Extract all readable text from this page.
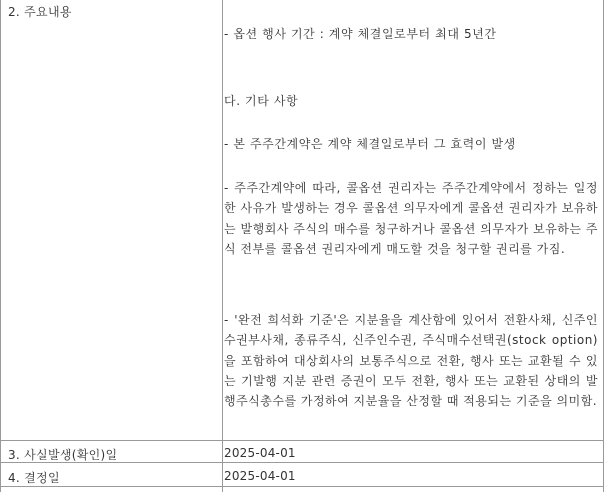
2. 주요내용
- 옵션 행사 기간 : 계약 체결일로부터 최대 5년간
다. 기타 사항
- 본 주주간계약은 계약 체결일로부터 그 효력이 발생
- 주주간계약에 따라, 콜옵션 권리자는 주주간계약에서 정하는 일정한 사유가 발생하는 경우 콜옵션 의무자에게 콜옵션 권리자가 보유하는 발행회사 주식의 매수를 청구하거나 콜옵션 의무자가 보유하는 주식 전부를 콜옵션 권리자에게 매도할 것을 청구할 권리를 가짐.
- '완전 희석화 기준'은 지분율을 계산함에 있어서 전환사채, 신주인수권부사채, 종류주식, 신주인수권, 주식매수선택권(stock option)을 포함하여 대상회사의 보통주식으로 전환, 행사 또는 교환될 수 있는 기발행 지분 관련 증권이 모두 전환, 행사 또는 교환된 상태의 발행주식총수를 가정하여 지분율을 산정할 때 적용되는 기준을 의미함.
3. 사실발생(확인)일	2025-04-01
4. 결정일	2025-04-01
